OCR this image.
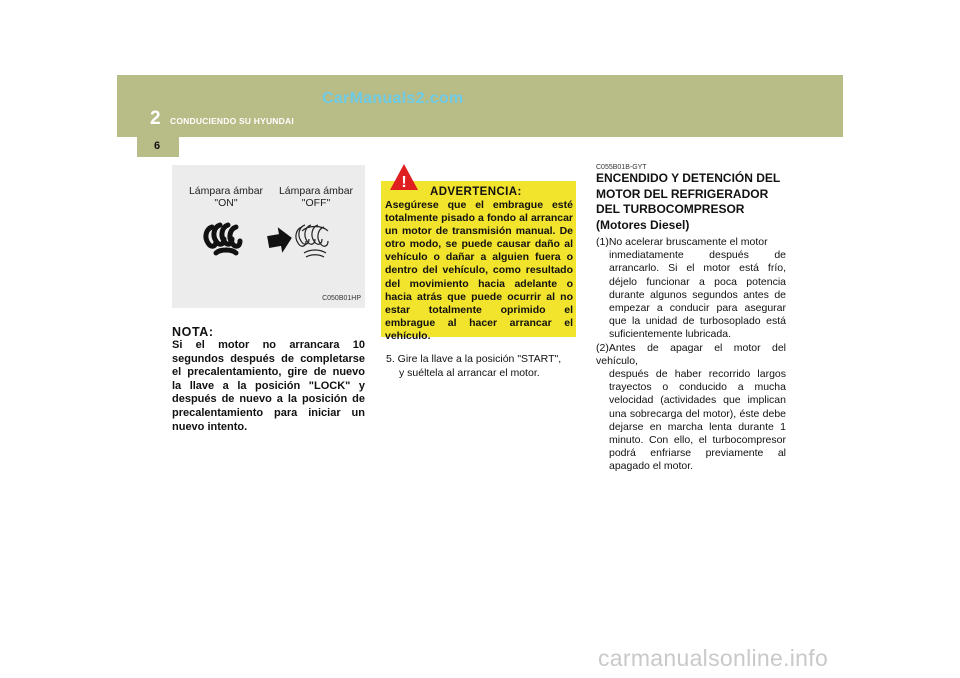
2 CONDUCIENDO SU HYUNDAI
CarManuals2.com
6
Lámpara ámbar "ON"
Lámpara ámbar "OFF"
C050B01HP
NOTA:
Si el motor no arrancara 10 segundos después de completarse el precalentamiento, gire de nuevo la llave a la posición "LOCK" y después de nuevo a la posición de precalentamiento para iniciar un nuevo intento.
!
ADVERTENCIA:
Asegúrese que el embrague esté totalmente pisado a fondo al arrancar un motor de transmisión manual. De otro modo, se puede causar daño al vehículo o dañar a alguien fuera o dentro del vehículo, como resultado del movimiento hacia adelante o hacia atrás que puede ocurrir al no estar totalmente oprimido el embrague al hacer arrancar el vehículo.
5. Gire la llave a la posición "START",
y suéltela al arrancar el motor.
C055B01B-GYT
ENCENDIDO Y DETENCIÓN DEL MOTOR DEL REFRIGERADOR DEL TURBOCOMPRESOR (Motores Diesel)

(1)No acelerar bruscamente el motor
inmediatamente después de arrancarlo. Si el motor está frío, déjelo funcionar a poca potencia durante algunos segundos antes de empezar a conducir para asegurar que la unidad de turbosoplado está suficientemente lubricada.

(2)Antes de apagar el motor del vehículo,
después de haber recorrido largos trayectos o conducido a mucha velocidad (actividades que implican una sobrecarga del motor), éste debe dejarse en marcha lenta durante 1 minuto. Con ello, el turbocompresor podrá enfriarse previamente al apagado el motor.

carmanualsonline.info
